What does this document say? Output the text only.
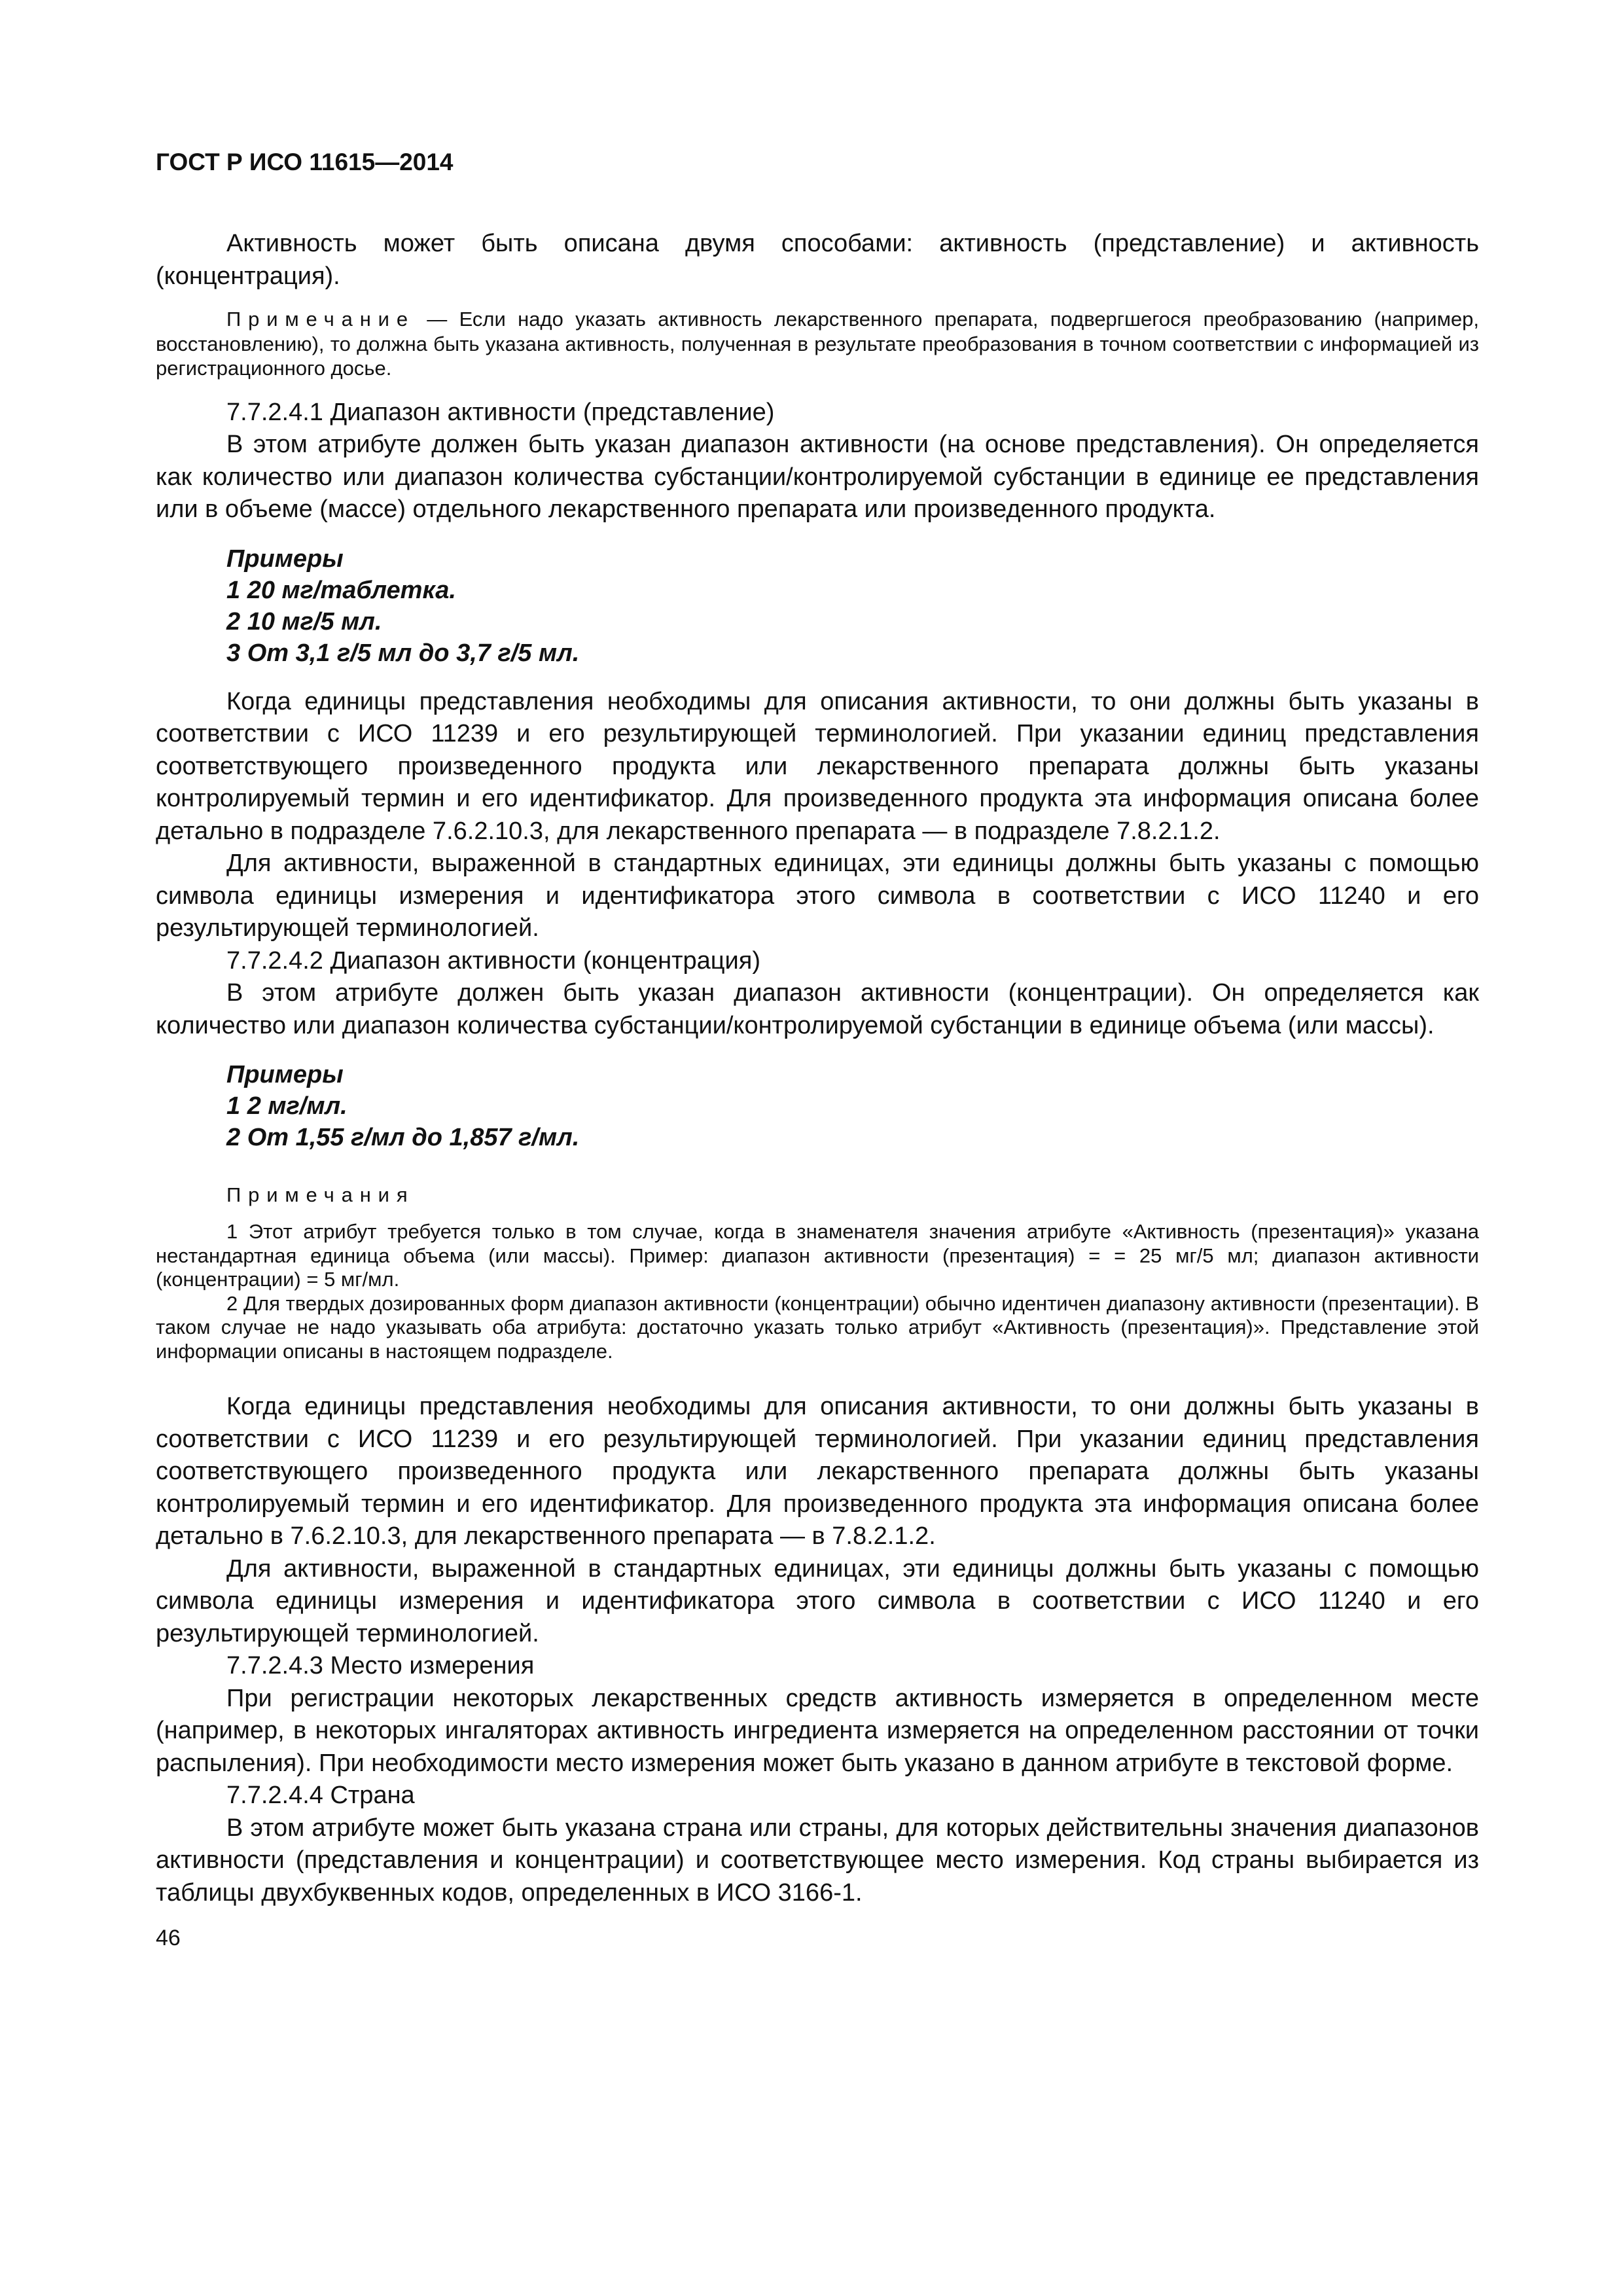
ГОСТ Р ИСО 11615—2014

Активность может быть описана двумя способами: активность (представление) и активность (концентрация).

Примечание — Если надо указать активность лекарственного препарата, подвергшегося преобразованию (например, восстановлению), то должна быть указана активность, полученная в результате преобразования в точном соответствии с информацией из регистрационного досье.

7.7.2.4.1 Диапазон активности (представление)

В этом атрибуте должен быть указан диапазон активности (на основе представления). Он определяется как количество или диапазон количества субстанции/контролируемой субстанции в единице ее представления или в объеме (массе) отдельного лекарственного препарата или произведенного продукта.

Примеры
1 20 мг/таблетка.
2 10 мг/5 мл.
3 От 3,1 г/5 мл до 3,7 г/5 мл.

Когда единицы представления необходимы для описания активности, то они должны быть указаны в соответствии с ИСО 11239 и его результирующей терминологией. При указании единиц представления соответствующего произведенного продукта или лекарственного препарата должны быть указаны контролируемый термин и его идентификатор. Для произведенного продукта эта информация описана более детально в подразделе 7.6.2.10.3, для лекарственного препарата — в подразделе 7.8.2.1.2.

Для активности, выраженной в стандартных единицах, эти единицы должны быть указаны с помощью символа единицы измерения и идентификатора этого символа в соответствии с ИСО 11240 и его результирующей терминологией.

7.7.2.4.2 Диапазон активности (концентрация)

В этом атрибуте должен быть указан диапазон активности (концентрации). Он определяется как количество или диапазон количества субстанции/контролируемой субстанции в единице объема (или массы).

Примеры
1 2 мг/мл.
2 От 1,55 г/мл до 1,857 г/мл.
Примечания

1 Этот атрибут требуется только в том случае, когда в знаменателя значения атрибуте «Активность (презентация)» указана нестандартная единица объема (или массы). Пример: диапазон активности (презентация) = = 25 мг/5 мл; диапазон активности (концентрации) = 5 мг/мл.

2 Для твердых дозированных форм диапазон активности (концентрации) обычно идентичен диапазону активности (презентации). В таком случае не надо указывать оба атрибута: достаточно указать только атрибут «Активность (презентация)». Представление этой информации описаны в настоящем подразделе.

Когда единицы представления необходимы для описания активности, то они должны быть указаны в соответствии с ИСО 11239 и его результирующей терминологией. При указании единиц представления соответствующего произведенного продукта или лекарственного препарата должны быть указаны контролируемый термин и его идентификатор. Для произведенного продукта эта информация описана более детально в 7.6.2.10.3, для лекарственного препарата — в 7.8.2.1.2.

Для активности, выраженной в стандартных единицах, эти единицы должны быть указаны с помощью символа единицы измерения и идентификатора этого символа в соответствии с ИСО 11240 и его результирующей терминологией.

7.7.2.4.3 Место измерения

При регистрации некоторых лекарственных средств активность измеряется в определенном месте (например, в некоторых ингаляторах активность ингредиента измеряется на определенном расстоянии от точки распыления). При необходимости место измерения может быть указано в данном атрибуте в текстовой форме.

7.7.2.4.4 Страна

В этом атрибуте может быть указана страна или страны, для которых действительны значения диапазонов активности (представления и концентрации) и соответствующее место измерения. Код страны выбирается из таблицы двухбуквенных кодов, определенных в ИСО 3166-1.

46
